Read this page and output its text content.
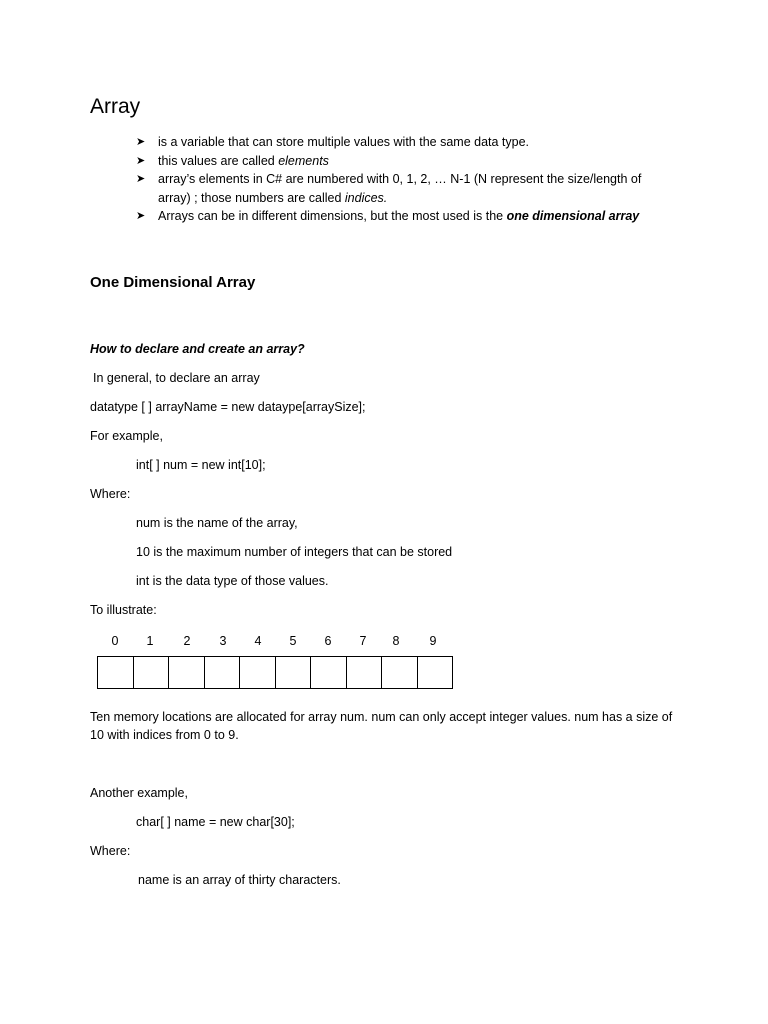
Array
➤ is a variable that can store multiple values with the same data type.
➤ this values are called elements
➤ array’s elements in C# are numbered with 0, 1, 2, … N-1 (N represent the size/length of array) ; those numbers are called indices.
➤ Arrays can be in different dimensions, but the most used is the one dimensional array
One Dimensional Array
How to declare and create an array?
In general, to declare an array
datatype [ ] arrayName = new dataype[arraySize];
For example,
int[ ] num = new int[10];
Where:
num is the name of the array,
10 is the maximum number of integers that can be stored
int is the data type of those values.
To illustrate:
0	1	2	3	4	5	6	7	8	9
Ten memory locations are allocated for array num. num can only accept integer values. num has a size of 10 with indices from 0 to 9.
Another example,
char[ ] name = new char[30];
Where:
name is an array of thirty characters.
